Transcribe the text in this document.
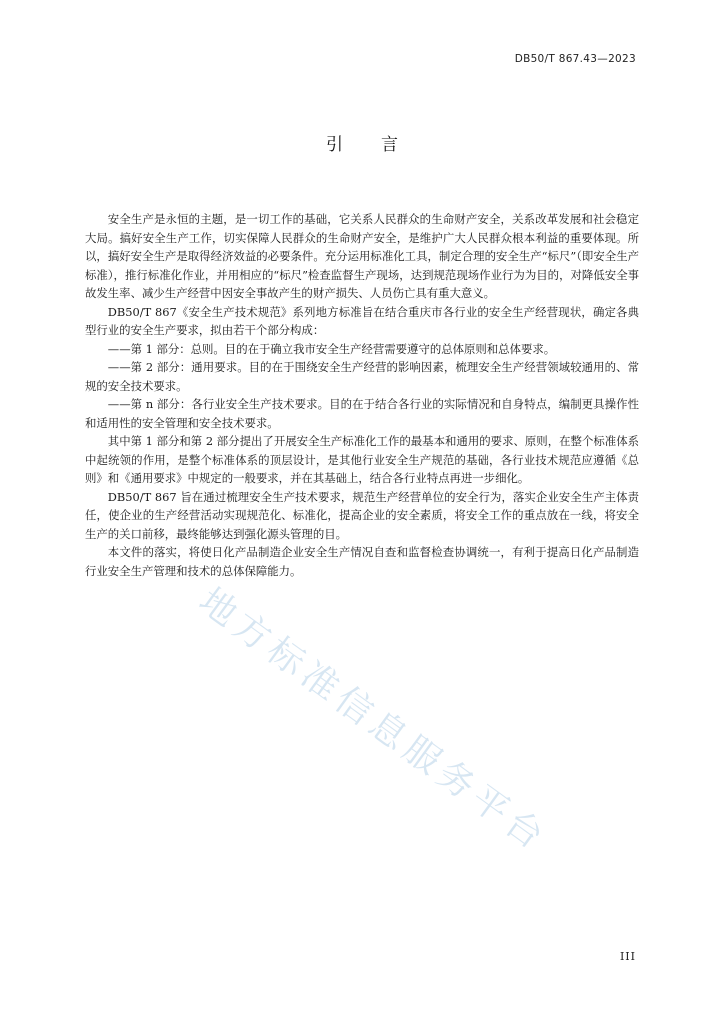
DB50/T 867.43—2023
引言

安全生产是永恒的主题，是一切工作的基础，它关系人民群众的生命财产安全，关系改革发展和社会稳定大局。搞好安全生产工作，切实保障人民群众的生命财产安全，是维护广大人民群众根本利益的重要体现。所以，搞好安全生产是取得经济效益的必要条件。充分运用标准化工具，制定合理的安全生产“标尺”（即安全生产标准），推行标准化作业，并用相应的“标尺”检查监督生产现场，达到规范现场作业行为为目的，对降低安全事故发生率、减少生产经营中因安全事故产生的财产损失、人员伤亡具有重大意义。

DB50/T 867《安全生产技术规范》系列地方标准旨在结合重庆市各行业的安全生产经营现状，确定各典型行业的安全生产要求，拟由若干个部分构成：

——第 1 部分：总则。目的在于确立我市安全生产经营需要遵守的总体原则和总体要求。

——第 2 部分：通用要求。目的在于围绕安全生产经营的影响因素，梳理安全生产经营领域较通用的、常规的安全技术要求。

——第 n 部分：各行业安全生产技术要求。目的在于结合各行业的实际情况和自身特点，编制更具操作性和适用性的安全管理和安全技术要求。

其中第 1 部分和第 2 部分提出了开展安全生产标准化工作的最基本和通用的要求、原则，在整个标准体系中起统领的作用，是整个标准体系的顶层设计，是其他行业安全生产规范的基础，各行业技术规范应遵循《总则》和《通用要求》中规定的一般要求，并在其基础上，结合各行业特点再进一步细化。

DB50/T 867 旨在通过梳理安全生产技术要求，规范生产经营单位的安全行为，落实企业安全生产主体责任，使企业的生产经营活动实现规范化、标准化，提高企业的安全素质，将安全工作的重点放在一线，将安全生产的关口前移，最终能够达到强化源头管理的目。

本文件的落实，将使日化产品制造企业安全生产情况自查和监督检查协调统一，有利于提高日化产品制造行业安全生产管理和技术的总体保障能力。

地方标准信息服务平台
III
